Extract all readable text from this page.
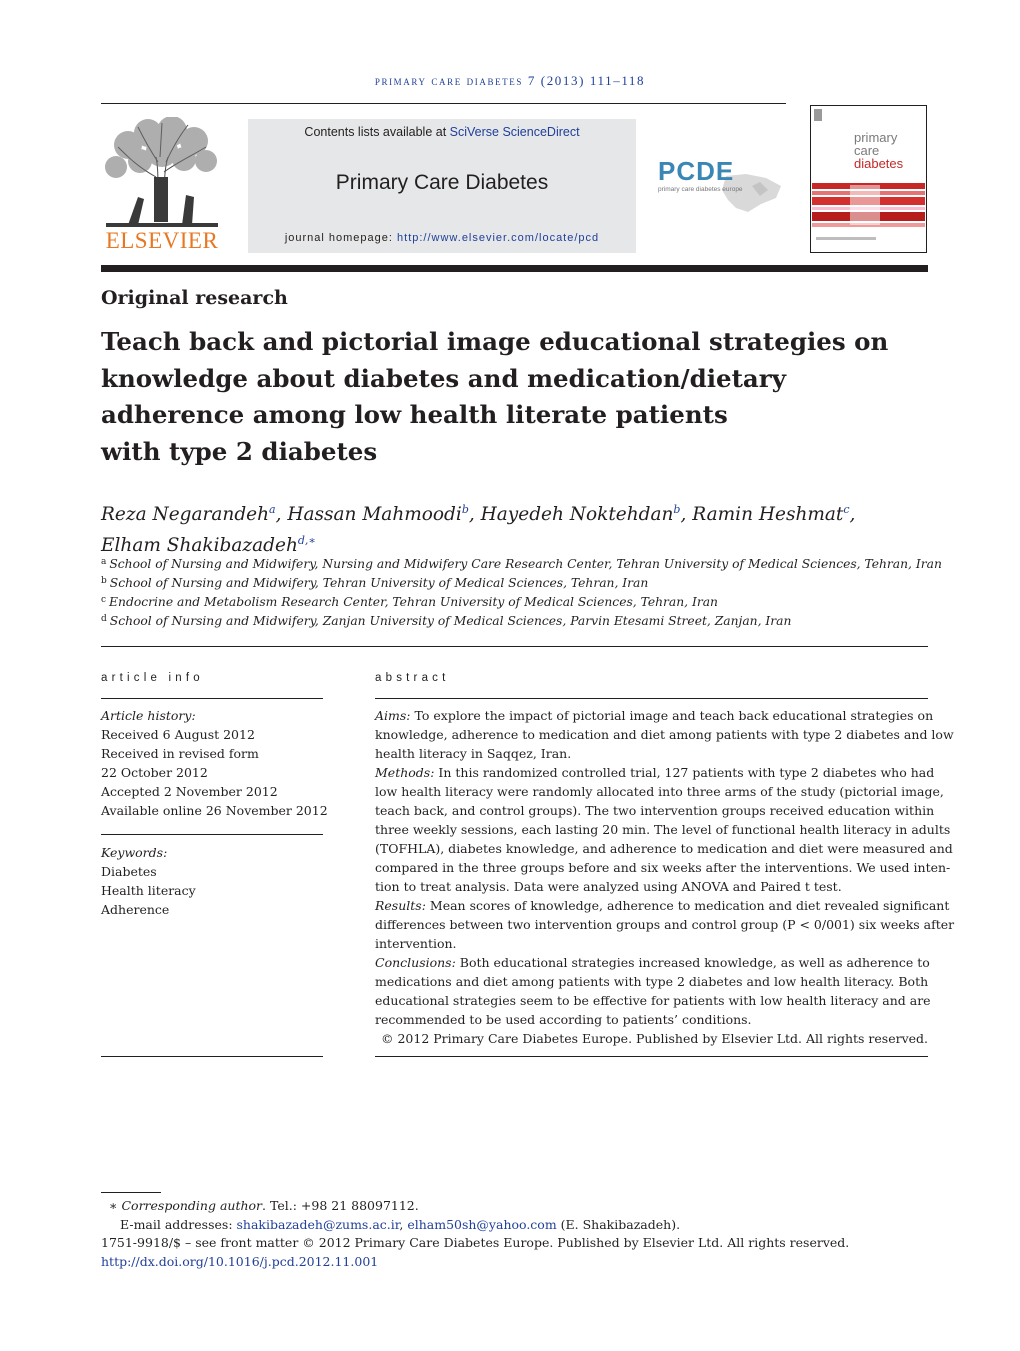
primary care diabetes 7 (2013) 111–118
ELSEVIER
Contents lists available at SciVerse ScienceDirect
Primary Care Diabetes
journal homepage: http://www.elsevier.com/locate/pcd
PCDE
primary care diabetes europe
primary
care
diabetes
Original research
Teach back and pictorial image educational strategies on
knowledge about diabetes and medication/dietary
adherence among low health literate patients
with type 2 diabetes
Reza Negarandeh$^a$, Hassan Mahmoodi$^b$, Hayedeh Noktehdan$^b$, Ramin Heshmat$^c$,
Elham Shakibazadeh$^{d,∗}$
$^a$ School of Nursing and Midwifery, Nursing and Midwifery Care Research Center, Tehran University of Medical Sciences, Tehran, Iran
$^b$ School of Nursing and Midwifery, Tehran University of Medical Sciences, Tehran, Iran
$^c$ Endocrine and Metabolism Research Center, Tehran University of Medical Sciences, Tehran, Iran
$^d$ School of Nursing and Midwifery, Zanjan University of Medical Sciences, Parvin Etesami Street, Zanjan, Iran
article info	abstract
Article history:
Received 6 August 2012
Received in revised form
22 October 2012
Accepted 2 November 2012
Available online 26 November 2012
Keywords:
Diabetes
Health literacy
Adherence
Aims: To explore the impact of pictorial image and teach back educational strategies on
knowledge, adherence to medication and diet among patients with type 2 diabetes and low
health literacy in Saqqez, Iran.
Methods: In this randomized controlled trial, 127 patients with type 2 diabetes who had
low health literacy were randomly allocated into three arms of the study (pictorial image,
teach back, and control groups). The two intervention groups received education within
three weekly sessions, each lasting 20 min. The level of functional health literacy in adults
(TOFHLA), diabetes knowledge, and adherence to medication and diet were measured and
compared in the three groups before and six weeks after the interventions. We used inten-
tion to treat analysis. Data were analyzed using ANOVA and Paired t test.
Results: Mean scores of knowledge, adherence to medication and diet revealed significant
differences between two intervention groups and control group (P < 0/001) six weeks after
intervention.
Conclusions: Both educational strategies increased knowledge, as well as adherence to
medications and diet among patients with type 2 diabetes and low health literacy. Both
educational strategies seem to be effective for patients with low health literacy and are
recommended to be used according to patients’ conditions.
© 2012 Primary Care Diabetes Europe. Published by Elsevier Ltd. All rights reserved.
∗ Corresponding author. Tel.: +98 21 88097112.
E-mail addresses: shakibazadeh@zums.ac.ir, elham50sh@yahoo.com (E. Shakibazadeh).
1751-9918/$ – see front matter © 2012 Primary Care Diabetes Europe. Published by Elsevier Ltd. All rights reserved.
http://dx.doi.org/10.1016/j.pcd.2012.11.001
